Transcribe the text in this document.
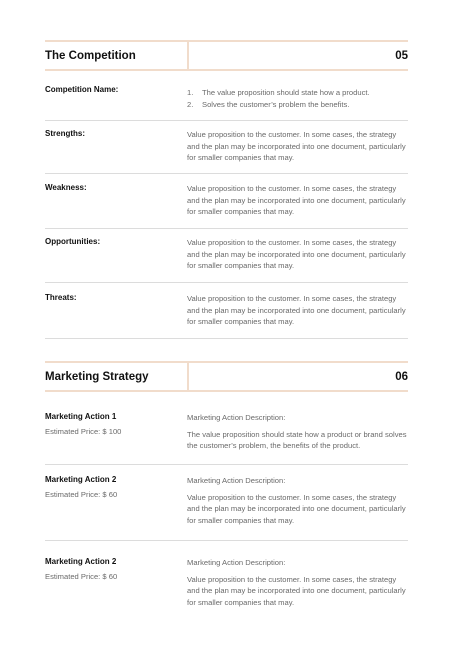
The Competition	05
Competition Name:	1.	The value proposition should state how a product.
2.	Solves the customer’s problem the benefits.
Strengths:	Value proposition to the customer. In some cases, the strategy and the plan may be incorporated into one document, particularly for smaller companies that may.
Weakness:	Value proposition to the customer. In some cases, the strategy and the plan may be incorporated into one document, particularly for smaller companies that may.
Opportunities:	Value proposition to the customer. In some cases, the strategy and the plan may be incorporated into one document, particularly for smaller companies that may.
Threats:	Value proposition to the customer. In some cases, the strategy and the plan may be incorporated into one document, particularly for smaller companies that may.
Marketing Strategy	06
Marketing Action 1
Estimated Price: $ 100
Marketing Action Description:
The value proposition should state how a product or brand solves the customer’s problem, the benefits of the product.
Marketing Action 2
Estimated Price: $ 60
Marketing Action Description:
Value proposition to the customer. In some cases, the strategy and the plan may be incorporated into one document, particularly for smaller companies that may.
Marketing Action 2
Estimated Price: $ 60
Marketing Action Description:
Value proposition to the customer. In some cases, the strategy and the plan may be incorporated into one document, particularly for smaller companies that may.
